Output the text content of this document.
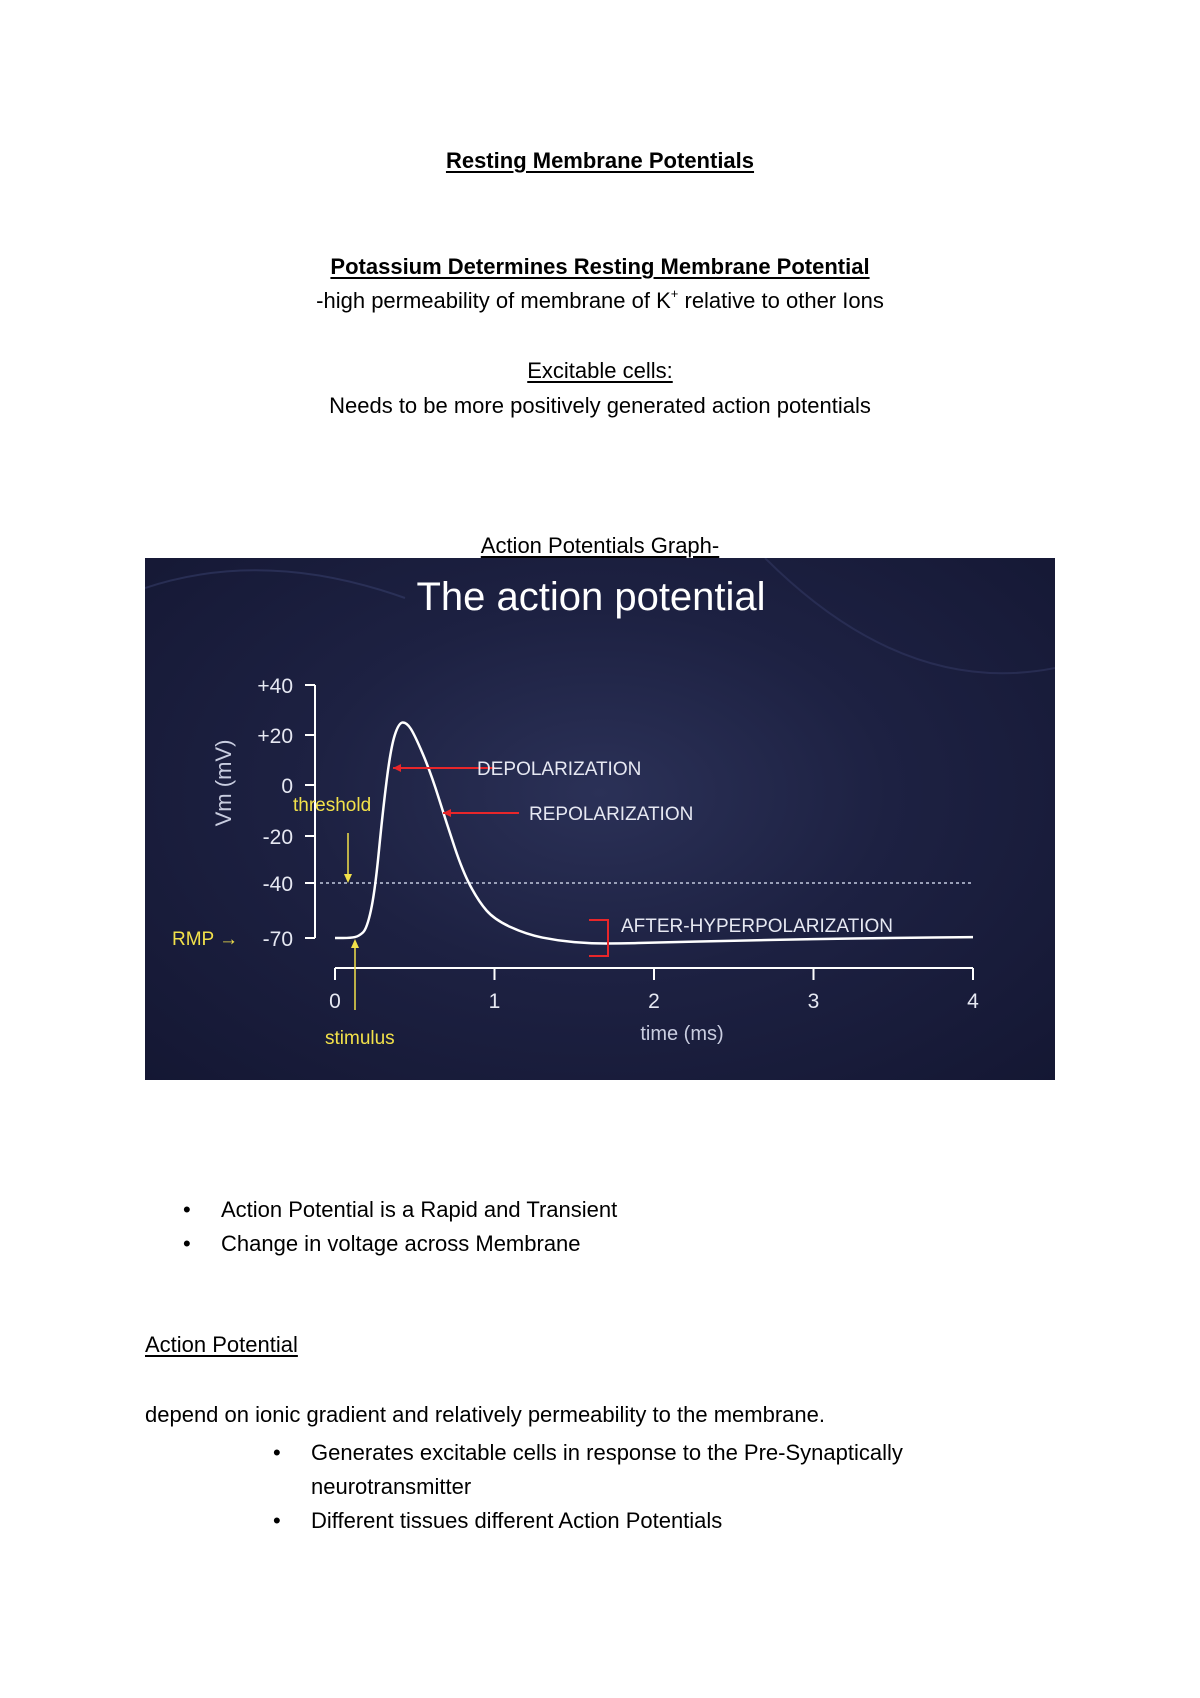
Resting Membrane Potentials
Potassium Determines Resting Membrane Potential
-high permeability of membrane of K+ relative to other Ions
Excitable cells:
Needs to be more positively generated action potentials
Action Potentials Graph-
The action potential
Vm (mV)
time (ms)
-70
-40
-20
0
+20
+40
0	1	2	3	4
DEPOLARIZATION
REPOLARIZATION
AFTER-HYPERPOLARIZATION
threshold
RMP →
stimulus
• Action Potential is a Rapid and Transient
• Change in voltage across Membrane
Action Potential
depend on ionic gradient and relatively permeability to the membrane.
• Generates excitable cells in response to the Pre-Synaptically neurotransmitter
• Different tissues different Action Potentials
